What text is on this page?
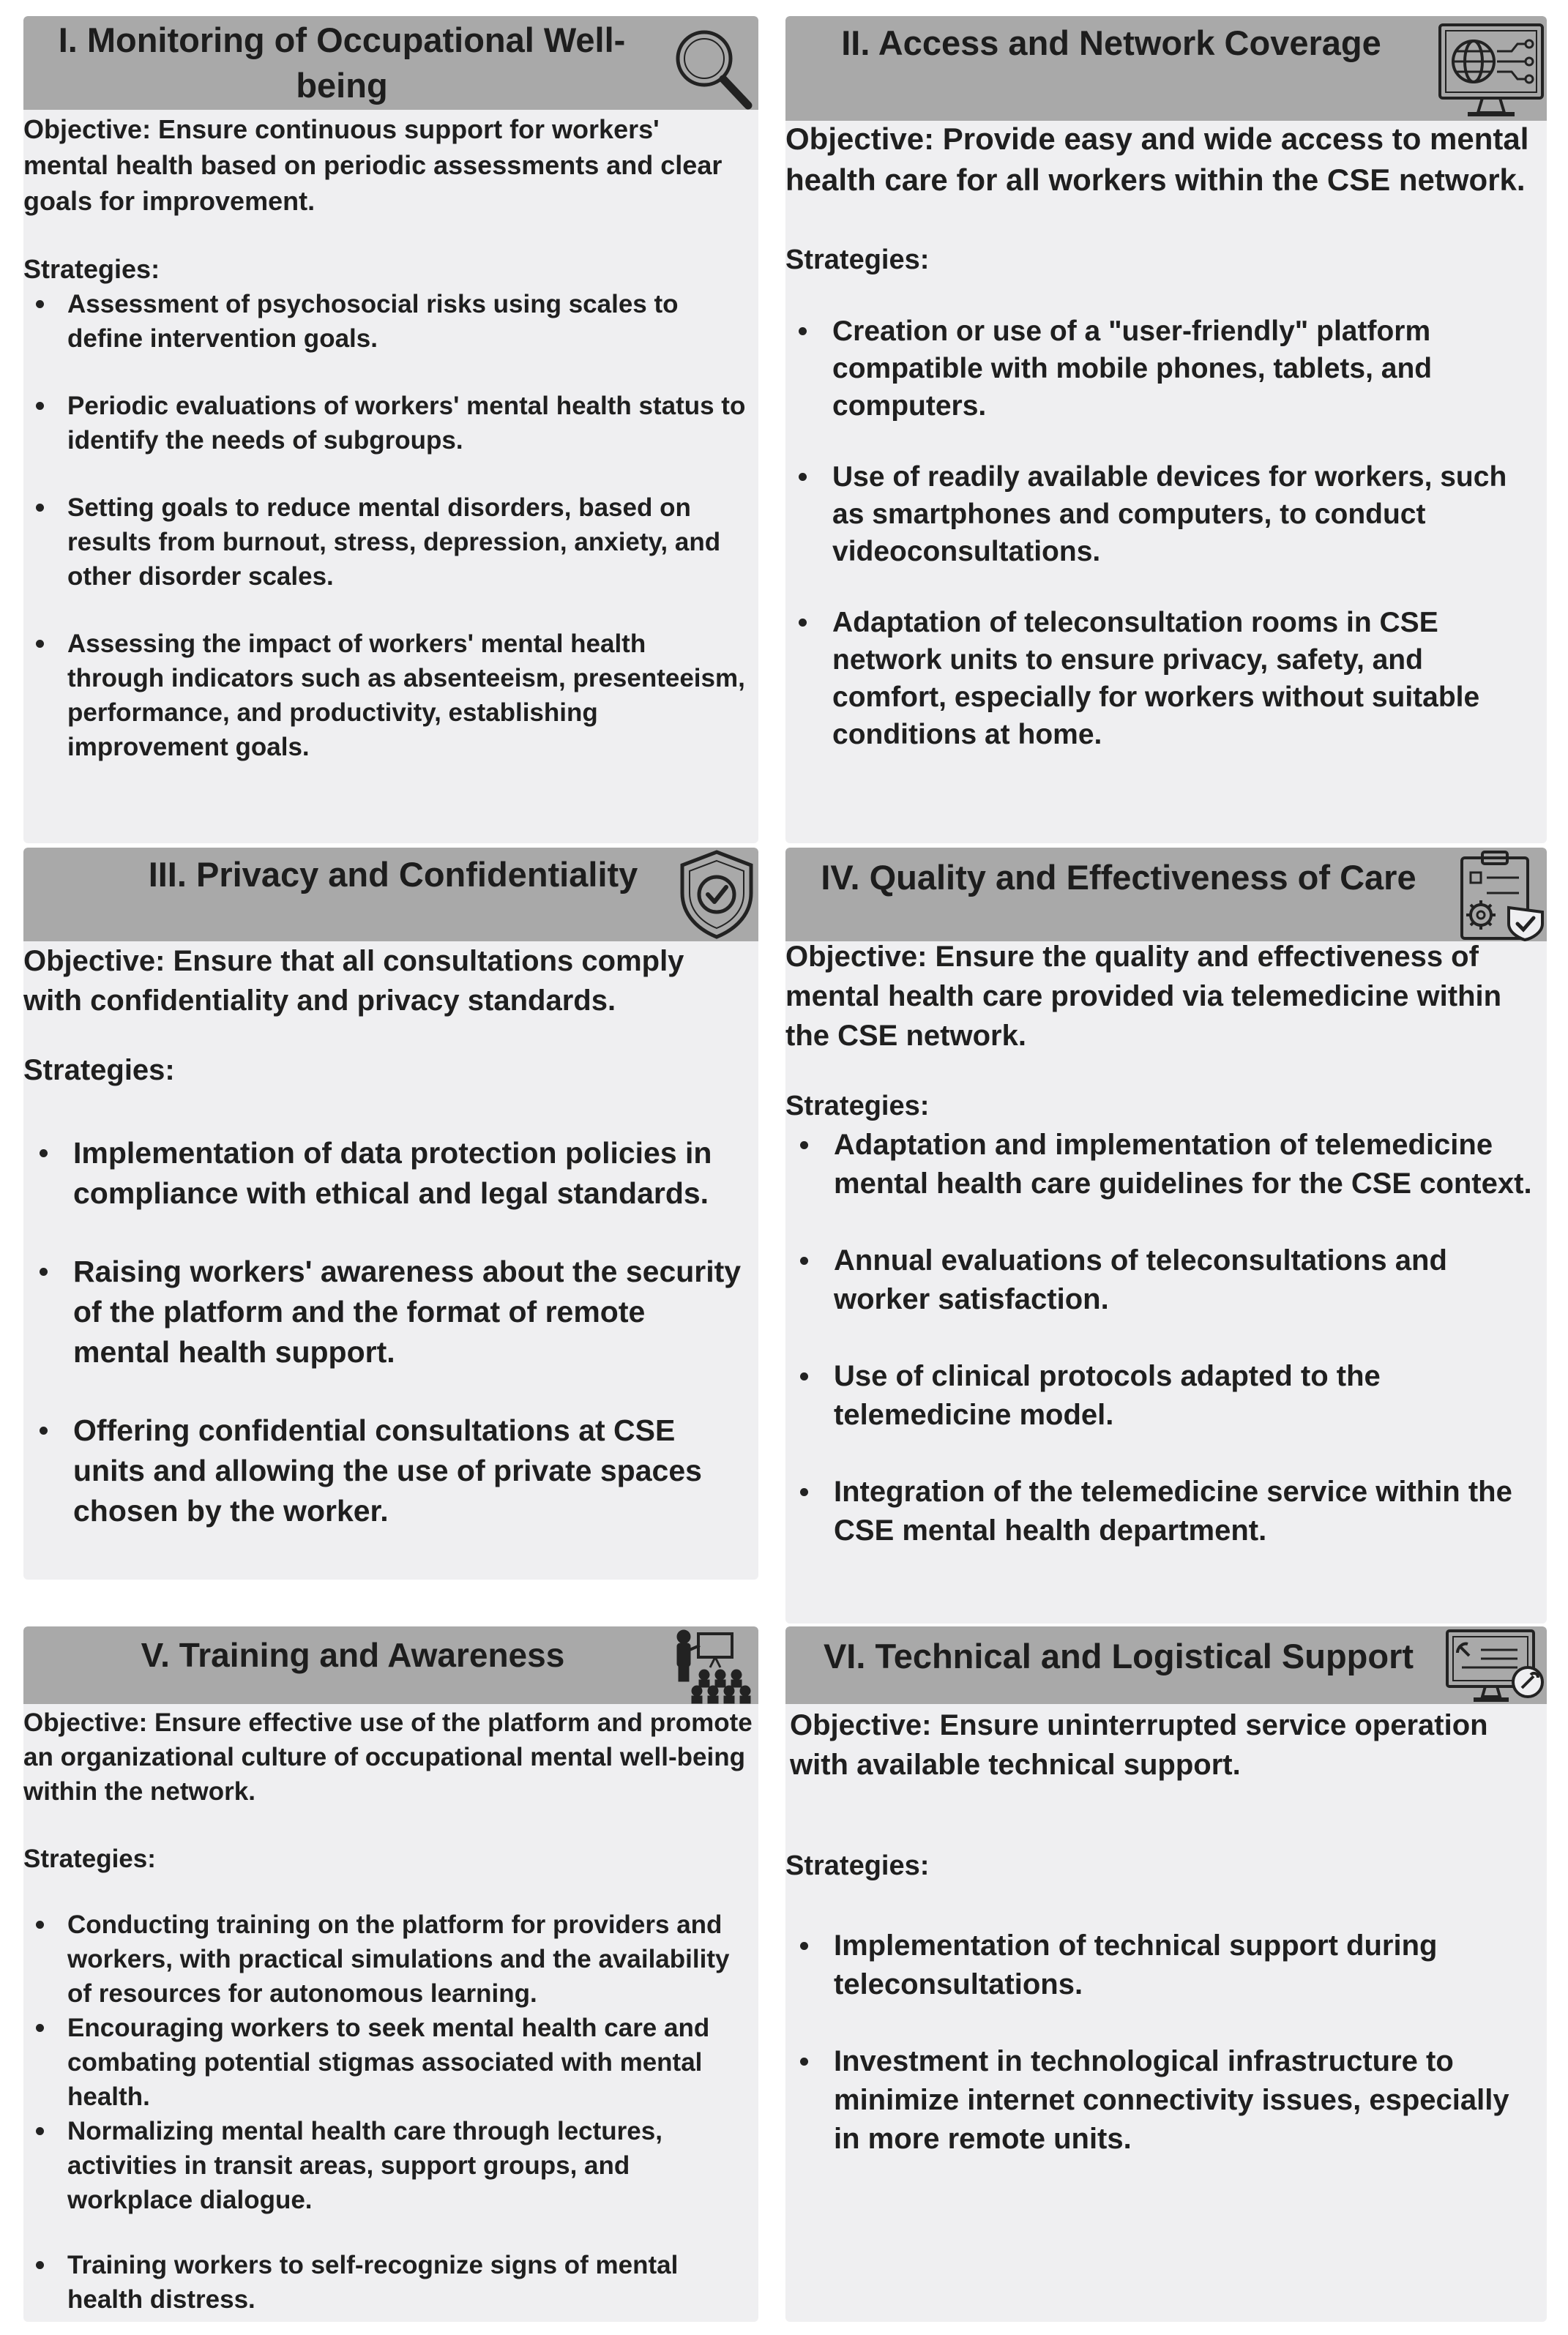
I. Monitoring of Occupational Well-being
Objective: Ensure continuous support for workers' mental health based on periodic assessments and clear goals for improvement.
Strategies:
Assessment of psychosocial risks using scales to define intervention goals.
Periodic evaluations of workers' mental health status to identify the needs of subgroups.
Setting goals to reduce mental disorders, based on results from burnout, stress, depression, anxiety, and other disorder scales.
Assessing the impact of workers' mental health through indicators such as absenteeism, presenteeism, performance, and productivity, establishing improvement goals.
II. Access and Network Coverage
Objective: Provide easy and wide access to mental health care for all workers within the CSE network.
Strategies:
Creation or use of a "user-friendly" platform compatible with mobile phones, tablets, and computers.
Use of readily available devices for workers, such as smartphones and computers, to conduct videoconsultations.
Adaptation of teleconsultation rooms in CSE network units to ensure privacy, safety, and comfort, especially for workers without suitable conditions at home.
III. Privacy and Confidentiality
Objective: Ensure that all consultations comply with confidentiality and privacy standards.
Strategies:
Implementation of data protection policies in compliance with ethical and legal standards.
Raising workers' awareness about the security of the platform and the format of remote mental health support.
Offering confidential consultations at CSE units and allowing the use of private spaces chosen by the worker.
IV. Quality and Effectiveness of Care
Objective: Ensure the quality and effectiveness of mental health care provided via telemedicine within the CSE network.
Strategies:
Adaptation and implementation of telemedicine mental health care guidelines for the CSE context.
Annual evaluations of teleconsultations and worker satisfaction.
Use of clinical protocols adapted to the telemedicine model.
Integration of the telemedicine service within the CSE mental health department.
V. Training and Awareness
Objective: Ensure effective use of the platform and promote an organizational culture of occupational mental well-being within the network.
Strategies:
Conducting training on the platform for providers and workers, with practical simulations and the availability of resources for autonomous learning.
Encouraging workers to seek mental health care and combating potential stigmas associated with mental health.
Normalizing mental health care through lectures, activities in transit areas, support groups, and workplace dialogue.
Training workers to self-recognize signs of mental health distress.
VI. Technical and Logistical Support
Objective: Ensure uninterrupted service operation with available technical support.
Strategies:
Implementation of technical support during teleconsultations.
Investment in technological infrastructure to minimize internet connectivity issues, especially in more remote units.
